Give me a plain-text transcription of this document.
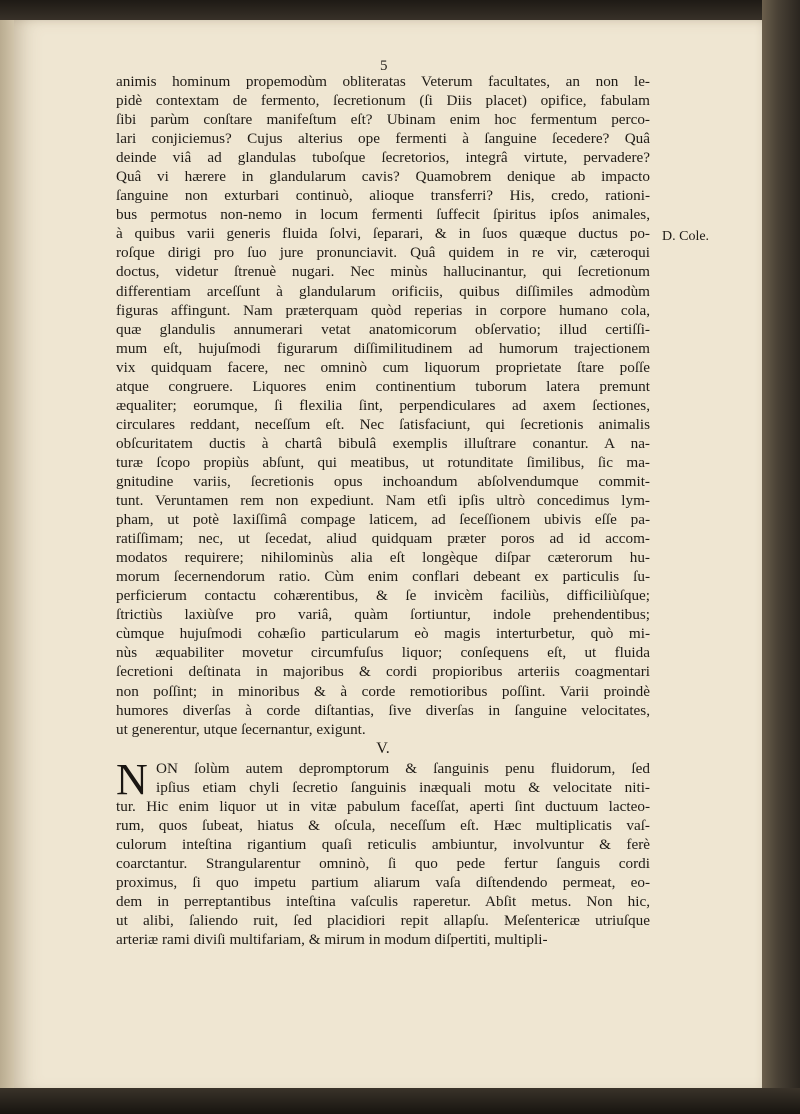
5
D. Cole.
animis hominum propemodùm obliteratas Veterum facultates, an non le-
pidè contextam de fermento, ſecretionum (ſi Diis placet) opifice, fabulam
ſibi parùm conſtare manifeſtum eſt? Ubinam enim hoc fermentum perco-
lari conjiciemus? Cujus alterius ope fermenti à ſanguine ſecedere? Quâ
deinde viâ ad glandulas tuboſque ſecretorios, integrâ virtute, pervadere?
Quâ vi hærere in glandularum cavis? Quamobrem denique ab impacto
ſanguine non exturbari continuò, alioque transferri? His, credo, rationi-
bus permotus non-nemo in locum fermenti ſuffecit ſpiritus ipſos animales,
à quibus varii generis fluida ſolvi, ſeparari, & in ſuos quæque ductus po-
roſque dirigi pro ſuo jure pronunciavit. Quâ quidem in re vir, cæteroqui
doctus, videtur ſtrenuè nugari. Nec minùs hallucinantur, qui ſecretionum
differentiam arceſſunt à glandularum orificiis, quibus diſſimiles admodùm
figuras affingunt. Nam præterquam quòd reperias in corpore humano cola,
quæ glandulis annumerari vetat anatomicorum obſervatio; illud certiſſi-
mum eſt, hujuſmodi figurarum diſſimilitudinem ad humorum trajectionem
vix quidquam facere, nec omninò cum liquorum proprietate ſtare poſſe
atque congruere. Liquores enim continentium tuborum latera premunt
æqualiter; eorumque, ſi flexilia ſint, perpendiculares ad axem ſectiones,
circulares reddant, neceſſum eſt. Nec ſatisfaciunt, qui ſecretionis animalis
obſcuritatem ductis à chartâ bibulâ exemplis illuſtrare conantur. A na-
turæ ſcopo propiùs abſunt, qui meatibus, ut rotunditate ſimilibus, ſic ma-
gnitudine variis, ſecretionis opus inchoandum abſolvendumque commit-
tunt. Veruntamen rem non expediunt. Nam etſi ipſis ultrò concedimus lym-
pham, ut potè laxiſſimâ compage laticem, ad ſeceſſionem ubivis eſſe pa-
ratiſſimam; nec, ut ſecedat, aliud quidquam præter poros ad id accom-
modatos requirere; nihilominùs alia eſt longèque diſpar cæterorum hu-
morum ſecernendorum ratio. Cùm enim conflari debeant ex particulis ſu-
perficierum contactu cohærentibus, & ſe invicèm faciliùs, difficiliùſque;
ſtrictiùs laxiùſve pro variâ, quàm ſortiuntur, indole prehendentibus;
cùmque hujuſmodi cohæſio particularum eò magis interturbetur, quò mi-
nùs æquabiliter movetur circumfuſus liquor; conſequens eſt, ut fluida
ſecretioni deſtinata in majoribus & cordi propioribus arteriis coagmentari
non poſſint; in minoribus & à corde remotioribus poſſint. Varii proindè
humores diverſas à corde diſtantias, ſive diverſas in ſanguine velocitates,
ut generentur, utque ſecernantur, exigunt.
V.
N ON ſolùm autem depromptorum & ſanguinis penu fluidorum, ſed
ipſius etiam chyli ſecretio ſanguinis inæquali motu & velocitate niti-
tur. Hic enim liquor ut in vitæ pabulum faceſſat, aperti ſint ductuum lacteo-
rum, quos ſubeat, hiatus & oſcula, neceſſum eſt. Hæc multiplicatis vaſ-
culorum inteſtina rigantium quaſi reticulis ambiuntur, involvuntur & ferè
coarctantur. Strangularentur omninò, ſi quo pede fertur ſanguis cordi
proximus, ſi quo impetu partium aliarum vaſa diſtendendo permeat, eo-
dem in perreptantibus inteſtina vaſculis raperetur. Abſit metus. Non hic,
ut alibi, ſaliendo ruit, ſed placidiori repit allapſu. Meſentericæ utriuſque
arteriæ rami diviſi multifariam, & mirum in modum diſpertiti, multipli-
